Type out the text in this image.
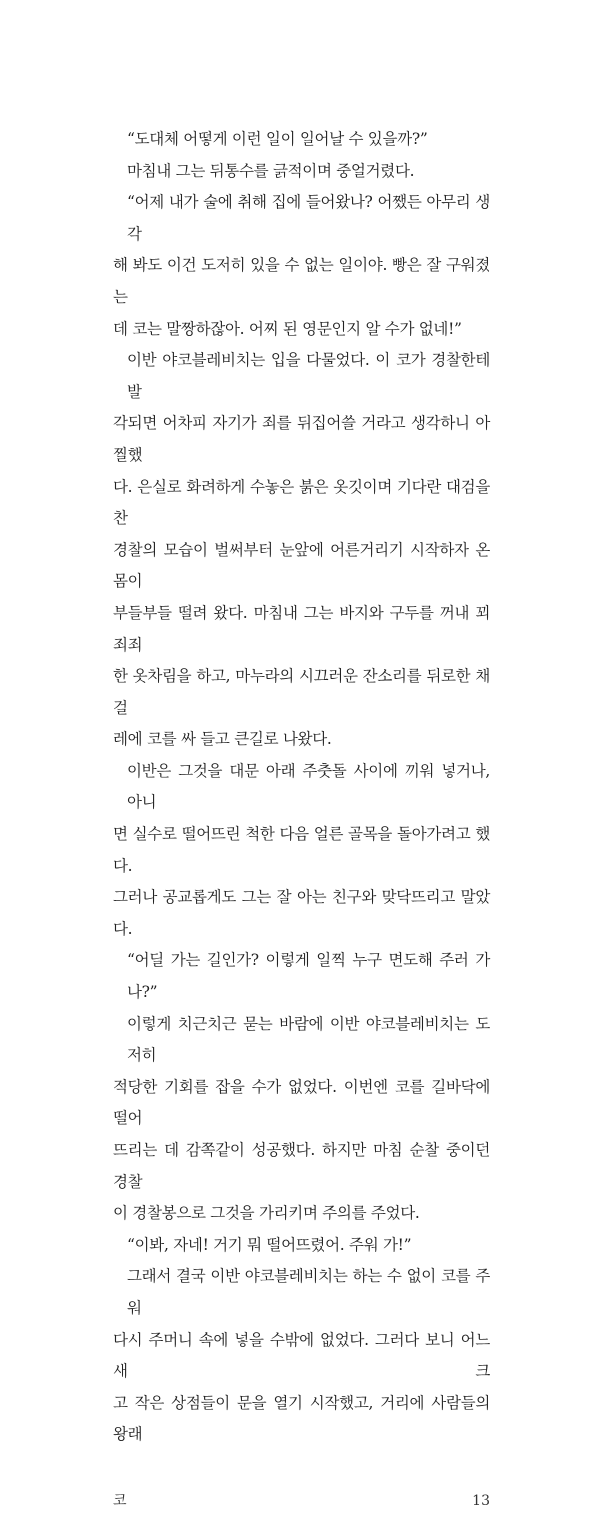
“도대체 어떻게 이런 일이 일어날 수 있을까?”
마침내 그는 뒤통수를 긁적이며 중얼거렸다.
“어제 내가 술에 취해 집에 들어왔나? 어쨌든 아무리 생각
해 봐도 이건 도저히 있을 수 없는 일이야. 빵은 잘 구워졌는
데 코는 말짱하잖아. 어찌 된 영문인지 알 수가 없네!”
이반 야코블레비치는 입을 다물었다. 이 코가 경찰한테 발
각되면 어차피 자기가 죄를 뒤집어쓸 거라고 생각하니 아찔했
다. 은실로 화려하게 수놓은 붉은 옷깃이며 기다란 대검을 찬
경찰의 모습이 벌써부터 눈앞에 어른거리기 시작하자 온몸이
부들부들 떨려 왔다. 마침내 그는 바지와 구두를 꺼내 꾀죄죄
한 옷차림을 하고, 마누라의 시끄러운 잔소리를 뒤로한 채 걸
레에 코를 싸 들고 큰길로 나왔다.
이반은 그것을 대문 아래 주춧돌 사이에 끼워 넣거나, 아니
면 실수로 떨어뜨린 척한 다음 얼른 골목을 돌아가려고 했다.
그러나 공교롭게도 그는 잘 아는 친구와 맞닥뜨리고 말았다.
“어딜 가는 길인가? 이렇게 일찍 누구 면도해 주러 가나?”
이렇게 치근치근 묻는 바람에 이반 야코블레비치는 도저히
적당한 기회를 잡을 수가 없었다. 이번엔 코를 길바닥에 떨어
뜨리는 데 감쪽같이 성공했다. 하지만 마침 순찰 중이던 경찰
이 경찰봉으로 그것을 가리키며 주의를 주었다.
“이봐, 자네! 거기 뭐 떨어뜨렸어. 주워 가!”
그래서 결국 이반 야코블레비치는 하는 수 없이 코를 주워
다시 주머니 속에 넣을 수밖에 없었다. 그러다 보니 어느새 크
고 작은 상점들이 문을 열기 시작했고, 거리에 사람들의 왕래
코	13
